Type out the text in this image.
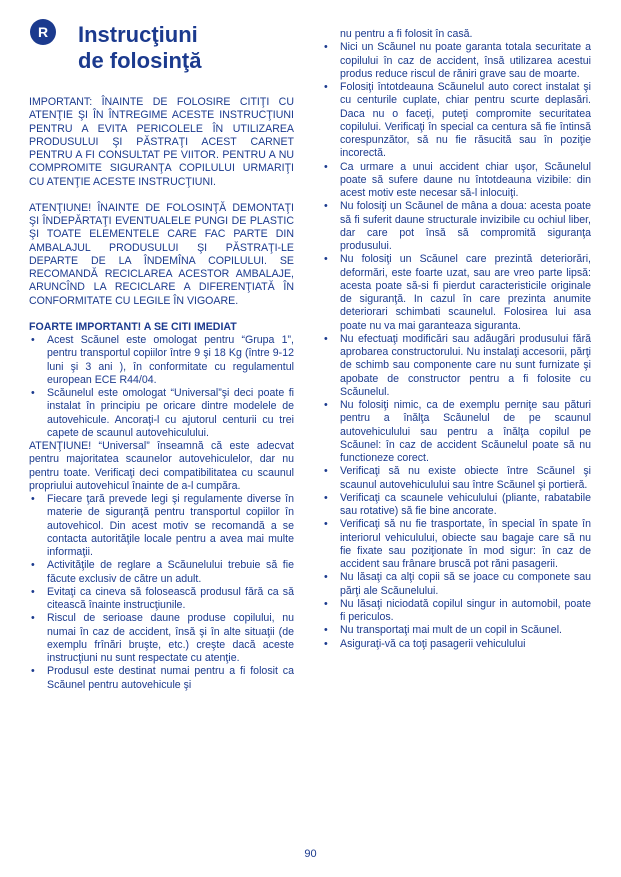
R	Instrucţiuni
de folosinţă

IMPORTANT: ÎNAINTE DE FOLOSIRE CITIŢI CU ATENŢIE ŞI ÎN ÎNTREGIME ACESTE INSTRUCŢIUNI PENTRU A EVITA PERICOLELE ÎN UTILIZAREA PRODUSULUI ŞI PĂSTRAŢI ACEST CARNET PENTRU A FI CONSULTAT PE VIITOR. PENTRU A NU COMPROMITE SIGURANŢA COPILULUI URMARIŢI CU ATENŢIE ACESTE INSTRUCŢIUNI.

ATENŢIUNE! ÎNAINTE DE FOLOSINŢĂ DEMONTAŢI ŞI ÎNDEPĂRTAŢI EVENTUALELE PUNGI DE PLASTIC ŞI TOATE ELEMENTELE CARE FAC PARTE DIN AMBALAJUL PRODUSULUI ŞI PĂSTRAŢI-LE DEPARTE DE LA ÎNDEMÎNA COPILULUI. SE RECOMANDĂ RECICLAREA ACESTOR AMBALAJE, ARUNCÎND LA RECICLARE A DIFERENŢIATĂ ÎN CONFORMITATE CU LEGILE ÎN VIGOARE.

FOARTE IMPORTANT! A SE CITI IMEDIAT

• Acest Scăunel este omologat pentru “Grupa 1”, pentru transportul copiilor între 9 şi 18 Kg (între 9-12 luni şi 3 ani ), în conformitate cu regulamentul european ECE R44/04.
• Scăunelul este omologat “Universal”şi deci poate fi instalat în principiu pe oricare dintre modelele de autovehicule. Ancoraţi-l cu ajutorul centurii cu trei capete de scaunul autovehiculului.

ATENŢIUNE! “Universal” înseamnă că este adecvat pentru majoritatea scaunelor autovehiculelor, dar nu pentru toate. Verificaţi deci compatibilitatea cu scaunul propriului autovehicul înainte de a-l cumpăra.

• Fiecare ţară prevede legi şi regulamente diverse în materie de siguranţă pentru transportul copiilor în autovehicol. Din acest motiv se recomandă a se contacta autorităţile locale pentru a avea mai multe informaţii.
• Activităţile de reglare a Scăunelului trebuie să fie făcute exclusiv de către un adult.
• Evitaţi ca cineva să folosească produsul fără ca să citească înainte instrucţiunile.
• Riscul de serioase daune produse copilului, nu numai în caz de accident, însă şi în alte situaţii (de exemplu frînări bruşte, etc.) creşte dacă aceste instrucţiuni nu sunt respectate cu atenţie.
• Produsul este destinat numai pentru a fi folosit ca Scăunel pentru autovehicule şi

nu pentru a fi folosit în casă.

• Nici un Scăunel nu poate garanta totala securitate a copilului în caz de accident, însă utilizarea acestui produs reduce riscul de răniri grave sau de moarte.
• Folosiţi întotdeauna Scăunelul auto corect instalat şi cu centurile cuplate, chiar pentru scurte deplasări. Daca nu o faceţi, puteţi compromite securitatea copilului. Verificaţi în special ca centura să fie întinsă corespunzător, să nu fie răsucită sau în poziţie incorectă.
• Ca urmare a unui accident chiar uşor, Scăunelul poate să sufere daune nu întotdeauna vizibile: din acest motiv este necesar să-l inlocuiţi.
• Nu folosiţi un Scăunel de mâna a doua: acesta poate să fi suferit daune structurale invizibile cu ochiul liber, dar care pot însă să compromită siguranţa produsului.
• Nu folosiţi un Scăunel care prezintă deteriorări, deformări, este foarte uzat, sau are vreo parte lipsă: acesta poate să-si fi pierdut caracteristicile originale de siguranţă. In cazul în care prezinta anumite deteriorari schimbati scaunelul. Folosirea lui asa poate nu va mai garanteaza siguranta.
• Nu efectuaţi modificări sau adăugări produsului fără aprobarea constructorului. Nu instalaţi accesorii, părţi de schimb sau componente care nu sunt furnizate şi apobate de constructor pentru a fi folosite cu Scăunelul.
• Nu folosiţi nimic, ca de exemplu perniţe sau pături pentru a înălţa Scăunelul de pe scaunul autovehiculului sau pentru a înălţa copilul pe Scăunel: în caz de accident Scăunelul poate să nu functioneze corect.
• Verificaţi să nu existe obiecte între Scăunel şi scaunul autovehiculului sau între Scăunel şi portieră.
• Verificaţi ca scaunele vehiculului (pliante, rabatabile sau rotative) să fie bine ancorate.
• Verificaţi să nu fie trasportate, în special în spate în interiorul vehiculului, obiecte sau bagaje care să nu fie fixate sau poziţionate în mod sigur: în caz de accident sau frânare bruscă pot răni pasagerii.
• Nu lăsaţi ca alţi copii să se joace cu componete sau părţi ale Scăunelului.
• Nu lăsaţi niciodată copilul singur in automobil, poate fi periculos.
• Nu transportaţi mai mult de un copil in Scăunel.
• Asiguraţi-vă ca toţi pasagerii vehiculului
90
